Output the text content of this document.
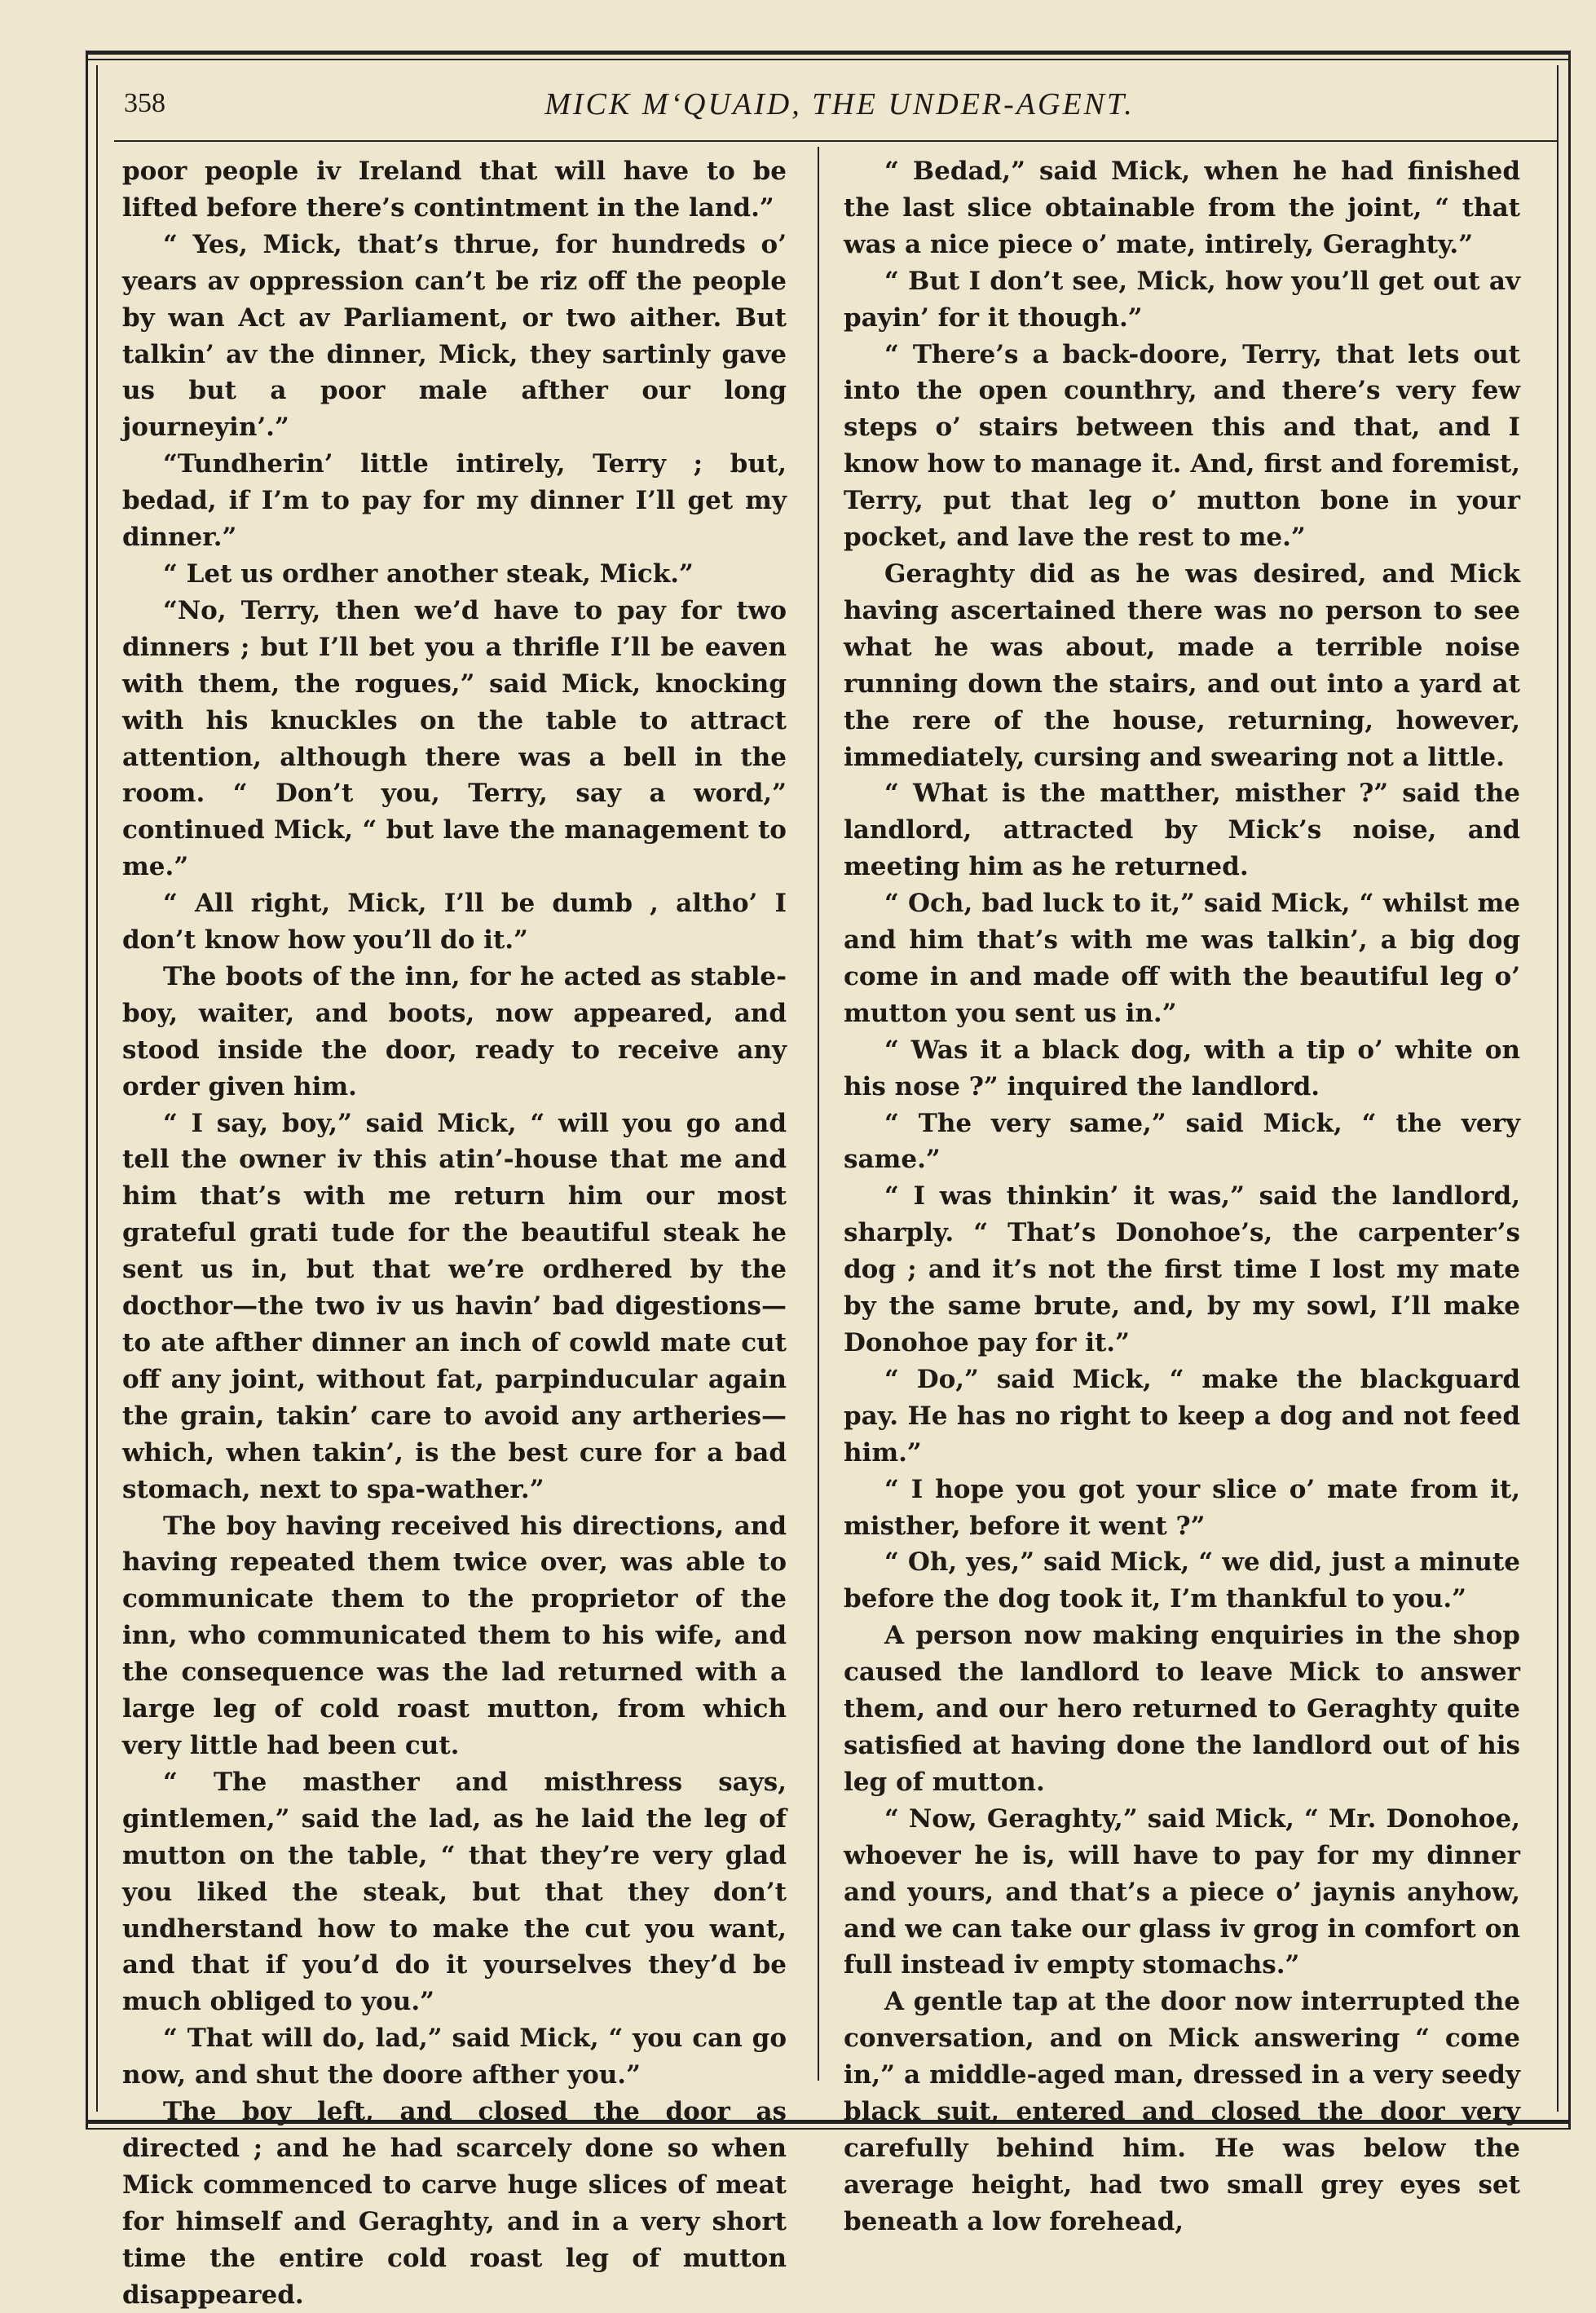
358	MICK M‘QUAID, THE UNDER-AGENT.

poor people iv Ireland that will have to be lifted before there’s contintment in the land.”

“ Yes, Mick, that’s thrue, for hundreds o’ years av oppression can’t be riz off the people by wan Act av Parliament, or two aither. But talkin’ av the dinner, Mick, they sartinly gave us but a poor male afther our long journeyin’.”

“Tundherin’ little intirely, Terry ; but, bedad, if I’m to pay for my dinner I’ll get my dinner.”

“ Let us ordher another steak, Mick.”

“No, Terry, then we’d have to pay for two dinners ; but I’ll bet you a thrifle I’ll be eaven with them, the rogues,” said Mick, knocking with his knuckles on the table to attract attention, although there was a bell in the room. “ Don’t you, Terry, say a word,” continued Mick, “ but lave the management to me.”

“ All right, Mick, I’ll be dumb , altho’ I don’t know how you’ll do it.”

The boots of the inn, for he acted as stable-boy, waiter, and boots, now appeared, and stood inside the door, ready to receive any order given him.

“ I say, boy,” said Mick, “ will you go and tell the owner iv this atin’-house that me and him that’s with me return him our most grateful grati tude for the beautiful steak he sent us in, but that we’re ordhered by the docthor—the two iv us havin’ bad digestions—to ate afther dinner an inch of cowld mate cut off any joint, without fat, parpinducular again the grain, takin’ care to avoid any artheries—which, when takin’, is the best cure for a bad stomach, next to spa-wather.”

The boy having received his directions, and having repeated them twice over, was able to communicate them to the proprietor of the inn, who communicated them to his wife, and the consequence was the lad returned with a large leg of cold roast mutton, from which very little had been cut.

“ The masther and misthress says, gintlemen,” said the lad, as he laid the leg of mutton on the table, “ that they’re very glad you liked the steak, but that they don’t undherstand how to make the cut you want, and that if you’d do it yourselves they’d be much obliged to you.”

“ That will do, lad,” said Mick, “ you can go now, and shut the doore afther you.”

The boy left, and closed the door as directed ; and he had scarcely done so when Mick commenced to carve huge slices of meat for himself and Geraghty, and in a very short time the entire cold roast leg of mutton disappeared.

“ Bedad,” said Mick, when he had finished the last slice obtainable from the joint, “ that was a nice piece o’ mate, intirely, Geraghty.”

“ But I don’t see, Mick, how you’ll get out av payin’ for it though.”

“ There’s a back-doore, Terry, that lets out into the open counthry, and there’s very few steps o’ stairs between this and that, and I know how to manage it. And, first and foremist, Terry, put that leg o’ mutton bone in your pocket, and lave the rest to me.”

Geraghty did as he was desired, and Mick having ascertained there was no person to see what he was about, made a terrible noise running down the stairs, and out into a yard at the rere of the house, returning, however, immediately, cursing and swearing not a little.

“ What is the matther, misther ?” said the landlord, attracted by Mick’s noise, and meeting him as he returned.

“ Och, bad luck to it,” said Mick, “ whilst me and him that’s with me was talkin’, a big dog come in and made off with the beautiful leg o’ mutton you sent us in.”

“ Was it a black dog, with a tip o’ white on his nose ?” inquired the landlord.

“ The very same,” said Mick, “ the very same.”

“ I was thinkin’ it was,” said the landlord, sharply. “ That’s Donohoe’s, the carpenter’s dog ; and it’s not the first time I lost my mate by the same brute, and, by my sowl, I’ll make Donohoe pay for it.”

“ Do,” said Mick, “ make the blackguard pay. He has no right to keep a dog and not feed him.”

“ I hope you got your slice o’ mate from it, misther, before it went ?”

“ Oh, yes,” said Mick, “ we did, just a minute before the dog took it, I’m thankful to you.”

A person now making enquiries in the shop caused the landlord to leave Mick to answer them, and our hero returned to Geraghty quite satisfied at having done the landlord out of his leg of mutton.

“ Now, Geraghty,” said Mick, “ Mr. Donohoe, whoever he is, will have to pay for my dinner and yours, and that’s a piece o’ jaynis anyhow, and we can take our glass iv grog in comfort on full instead iv empty stomachs.”

A gentle tap at the door now interrupted the conversation, and on Mick answering “ come in,” a middle-aged man, dressed in a very seedy black suit, entered and closed the door very carefully behind him. He was below the average height, had two small grey eyes set beneath a low forehead,
